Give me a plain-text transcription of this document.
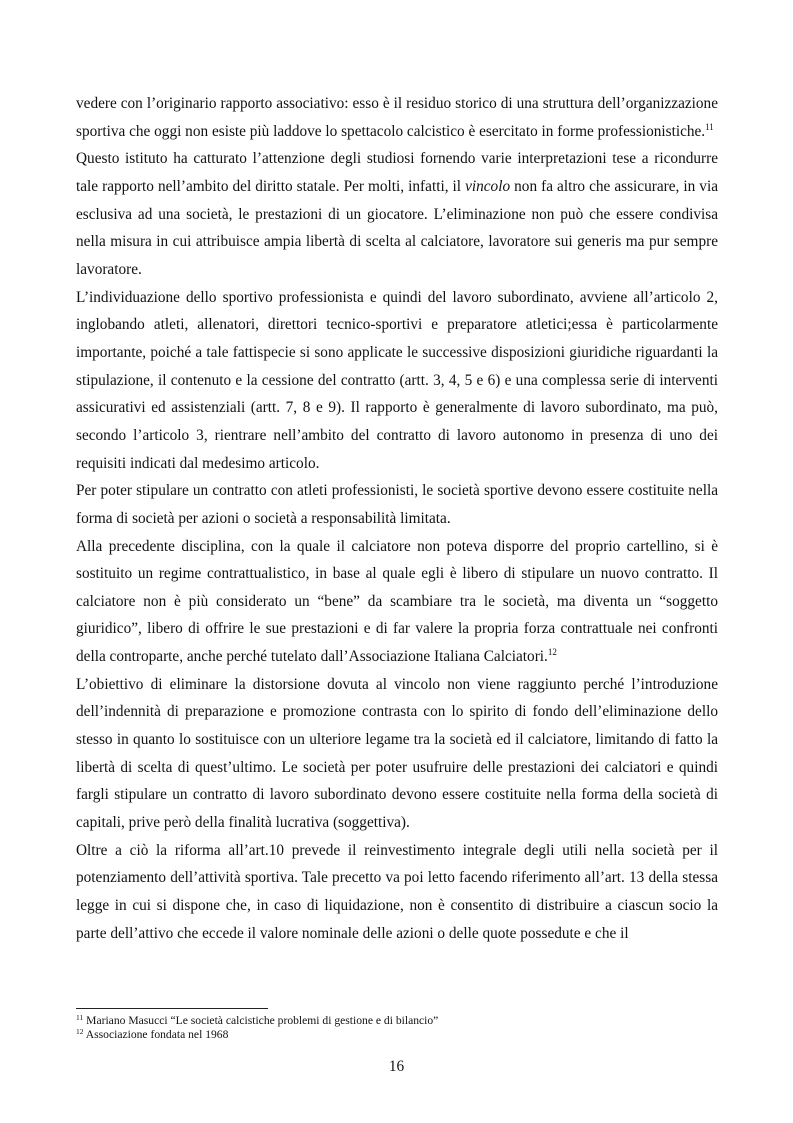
vedere con l’originario rapporto associativo: esso è il residuo storico di una struttura dell’organizzazione sportiva che oggi non esiste più laddove lo spettacolo calcistico è esercitato in forme professionistiche.$^{11}$

Questo istituto ha catturato l’attenzione degli studiosi fornendo varie interpretazioni tese a ricondurre tale rapporto nell’ambito del diritto statale. Per molti, infatti, il vincolo non fa altro che assicurare, in via esclusiva ad una società, le prestazioni di un giocatore. L’eliminazione non può che essere condivisa nella misura in cui attribuisce ampia libertà di scelta al calciatore, lavoratore sui generis ma pur sempre lavoratore.

L’individuazione dello sportivo professionista e quindi del lavoro subordinato, avviene all’articolo 2, inglobando atleti, allenatori, direttori tecnico-sportivi e preparatore atletici;essa è particolarmente importante, poiché a tale fattispecie si sono applicate le successive disposizioni giuridiche riguardanti la stipulazione, il contenuto e la cessione del contratto (artt. 3, 4, 5 e 6) e una complessa serie di interventi assicurativi ed assistenziali (artt. 7, 8 e 9). Il rapporto è generalmente di lavoro subordinato, ma può, secondo l’articolo 3, rientrare nell’ambito del contratto di lavoro autonomo in presenza di uno dei requisiti indicati dal medesimo articolo.

Per poter stipulare un contratto con atleti professionisti, le società sportive devono essere costituite nella forma di società per azioni o società a responsabilità limitata.

Alla precedente disciplina, con la quale il calciatore non poteva disporre del proprio cartellino, si è sostituito un regime contrattualistico, in base al quale egli è libero di stipulare un nuovo contratto. Il calciatore non è più considerato un “bene” da scambiare tra le società, ma diventa un “soggetto giuridico”, libero di offrire le sue prestazioni e di far valere la propria forza contrattuale nei confronti della controparte, anche perché tutelato dall’Associazione Italiana Calciatori.$^{12}$

L’obiettivo di eliminare la distorsione dovuta al vincolo non viene raggiunto perché l’introduzione dell’indennità di preparazione e promozione contrasta con lo spirito di fondo dell’eliminazione dello stesso in quanto lo sostituisce con un ulteriore legame tra la società ed il calciatore, limitando di fatto la libertà di scelta di quest’ultimo. Le società per poter usufruire delle prestazioni dei calciatori e quindi fargli stipulare un contratto di lavoro subordinato devono essere costituite nella forma della società di capitali, prive però della finalità lucrativa (soggettiva).

Oltre a ciò la riforma all’art.10 prevede il reinvestimento integrale degli utili nella società per il potenziamento dell’attività sportiva. Tale precetto va poi letto facendo riferimento all’art. 13 della stessa legge in cui si dispone che, in caso di liquidazione, non è consentito di distribuire a ciascun socio la parte dell’attivo che eccede il valore nominale delle azioni o delle quote possedute e che il

$^{11}$ Mariano Masucci “Le società calcistiche problemi di gestione e di bilancio”
$^{12}$ Associazione fondata nel 1968
16
